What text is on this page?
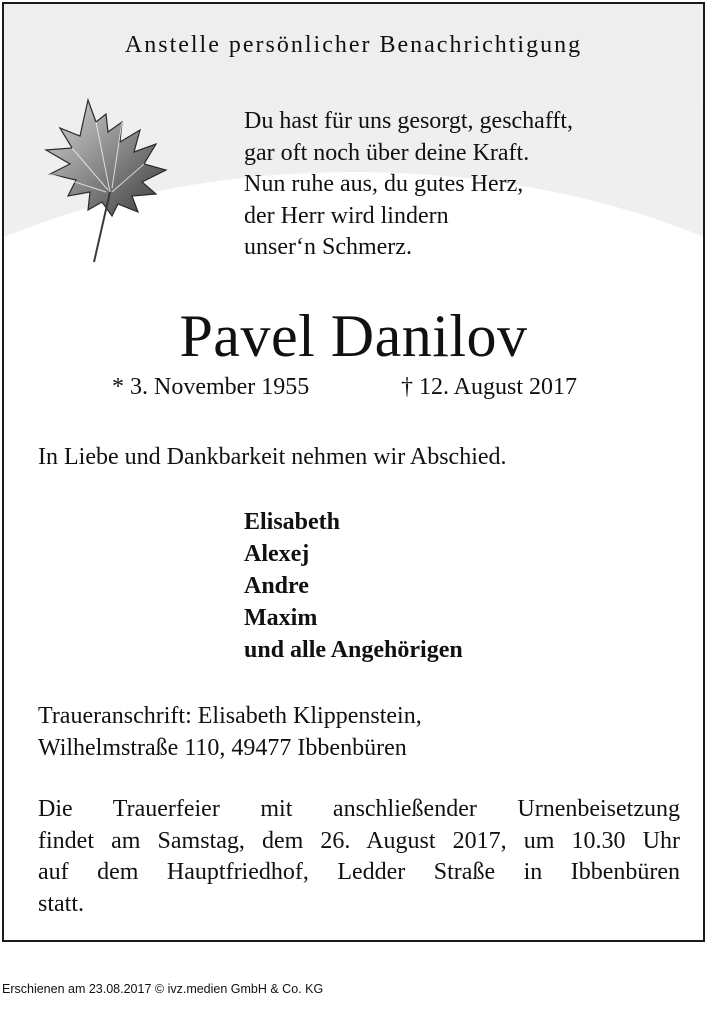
Anstelle persönlicher Benachrichtigung
Du hast für uns gesorgt, geschafft,
gar oft noch über deine Kraft.
Nun ruhe aus, du gutes Herz,
der Herr wird lindern
unser‘n Schmerz.
Pavel Danilov
* 3. November 1955	† 12. August 2017
In Liebe und Dankbarkeit nehmen wir Abschied.
Elisabeth
Alexej
Andre
Maxim
und alle Angehörigen
Traueranschrift: Elisabeth Klippenstein,
Wilhelmstraße 110, 49477 Ibbenbüren
Die Trauerfeier mit anschließender Urnenbeisetzung
findet am Samstag, dem 26. August 2017, um 10.30 Uhr
auf dem Hauptfriedhof, Ledder Straße in Ibbenbüren
statt.
Erschienen am 23.08.2017 © ivz.medien GmbH & Co. KG
